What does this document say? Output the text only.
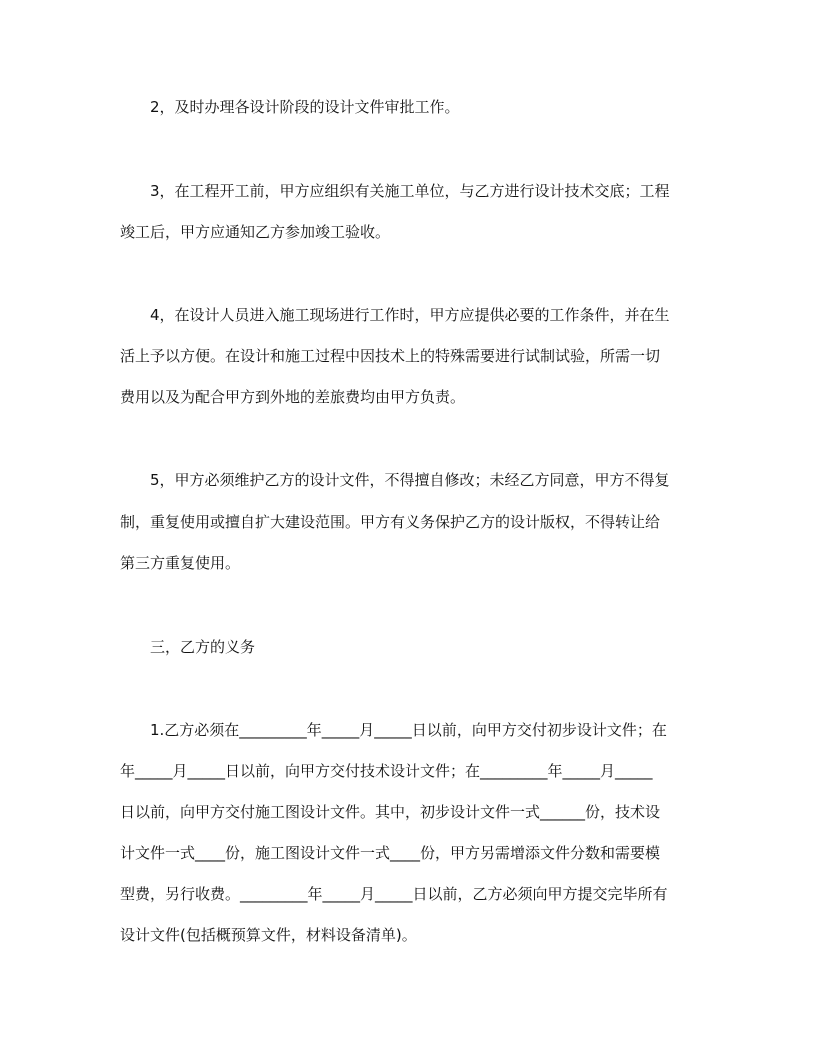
2，及时办理各设计阶段的设计文件审批工作。
3，在工程开工前，甲方应组织有关施工单位，与乙方进行设计技术交底；工程
竣工后，甲方应通知乙方参加竣工验收。
4，在设计人员进入施工现场进行工作时，甲方应提供必要的工作条件，并在生
活上予以方便。在设计和施工过程中因技术上的特殊需要进行试制试验，所需一切
费用以及为配合甲方到外地的差旅费均由甲方负责。
5，甲方必须维护乙方的设计文件，不得擅自修改；未经乙方同意，甲方不得复
制，重复使用或擅自扩大建设范围。甲方有义务保护乙方的设计版权，不得转让给
第三方重复使用。
三，乙方的义务
1.乙方必须在_________年_____月_____日以前，向甲方交付初步设计文件；在
年_____月_____日以前，向甲方交付技术设计文件；在_________年_____月_____
日以前，向甲方交付施工图设计文件。其中，初步设计文件一式______份，技术设
计文件一式____份，施工图设计文件一式____份，甲方另需增添文件分数和需要模
型费，另行收费。_________年_____月_____日以前，乙方必须向甲方提交完毕所有
设计文件(包括概预算文件，材料设备清单)。
